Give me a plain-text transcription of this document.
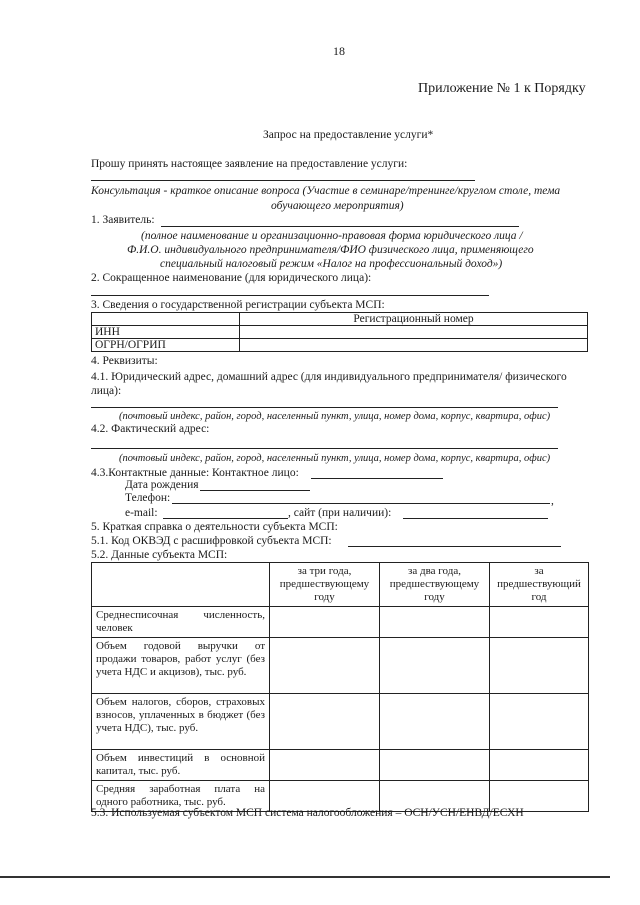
18
Приложение № 1 к Порядку
Запрос на предоставление услуги*
Прошу принять настоящее заявление на предоставление услуги:
Консультация - краткое описание вопроса (Участие в семинаре/тренинге/круглом столе, тема
обучающего мероприятия)
1. Заявитель:
(полное наименование и организационно-правовая форма юридического лица /
Ф.И.О. индивидуального предпринимателя/ФИО физического лица, применяющего
специальный налоговый режим «Налог на профессиональный доход»)
2. Сокращенное наименование (для юридического лица):
3. Сведения о государственной регистрации субъекта МСП:
	Регистрационный номер
ИНН	
ОГРН/ОГРИП	
4. Реквизиты:
4.1. Юридический адрес, домашний адрес (для индивидуального предпринимателя/ физического
лица):
(почтовый индекс, район, город, населенный пункт, улица, номер дома, корпус, квартира, офис)
4.2. Фактический адрес:
(почтовый индекс, район, город, населенный пункт, улица, номер дома, корпус, квартира, офис)
4.3.Контактные данные: Контактное лицо:
Дата рождения
Телефон:	,
e-mail:	, сайт (при наличии):
5. Краткая справка о деятельности субъекта МСП:
5.1. Код ОКВЭД с расшифровкой субъекта МСП:
5.2. Данные субъекта МСП:
	за три года, предшествующему году	за два года, предшествующему году	за предшествующий год
Среднесписочная численность, человек			
Объем годовой выручки от продажи товаров, работ услуг (без учета НДС и акцизов), тыс. руб.			
Объем налогов, сборов, страховых взносов, уплаченных в бюджет (без учета НДС), тыс. руб.			
Объем инвестиций в основной капитал, тыс. руб.			
Средняя заработная плата на одного работника, тыс. руб.			
5.3. Используемая субъектом МСП система налогообложения – ОСН/УСН/ЕНВД/ЕСХН
